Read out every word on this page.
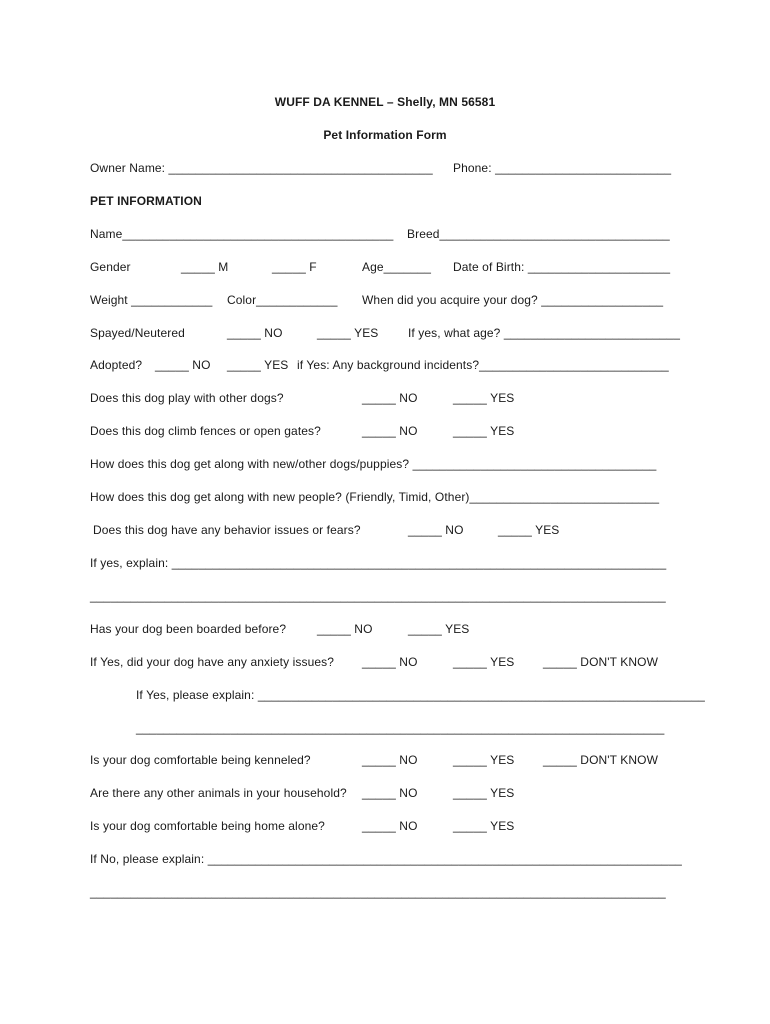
WUFF DA KENNEL – Shelly, MN 56581
Pet Information Form
Owner Name: _______________________________________ Phone: __________________________
PET INFORMATION
Name________________________________________ Breed__________________________________
Gender	_____ M	_____ F	Age_______ Date of Birth: _____________________
Weight ____________ Color____________ When did you acquire your dog? __________________
Spayed/Neutered	_____ NO	_____ YES If yes, what age? __________________________
Adopted? _____ NO _____ YES if Yes: Any background incidents?____________________________
Does this dog play with other dogs?	_____ NO	_____ YES
Does this dog climb fences or open gates?	_____ NO	_____ YES
How does this dog get along with new/other dogs/puppies? ____________________________________
How does this dog get along with new people? (Friendly, Timid, Other)____________________________
Does this dog have any behavior issues or fears?	_____ NO	_____ YES
If yes, explain: _________________________________________________________________________
_____________________________________________________________________________________
Has your dog been boarded before?	_____ NO	_____ YES
If Yes, did your dog have any anxiety issues? _____ NO	_____ YES _____ DON'T KNOW
If Yes, please explain: __________________________________________________________________
______________________________________________________________________________
Is your dog comfortable being kenneled?	_____ NO	_____ YES _____ DON'T KNOW
Are there any other animals in your household? _____ NO	_____ YES
Is your dog comfortable being home alone?	_____ NO	_____ YES
If No, please explain: ______________________________________________________________________
_____________________________________________________________________________________
